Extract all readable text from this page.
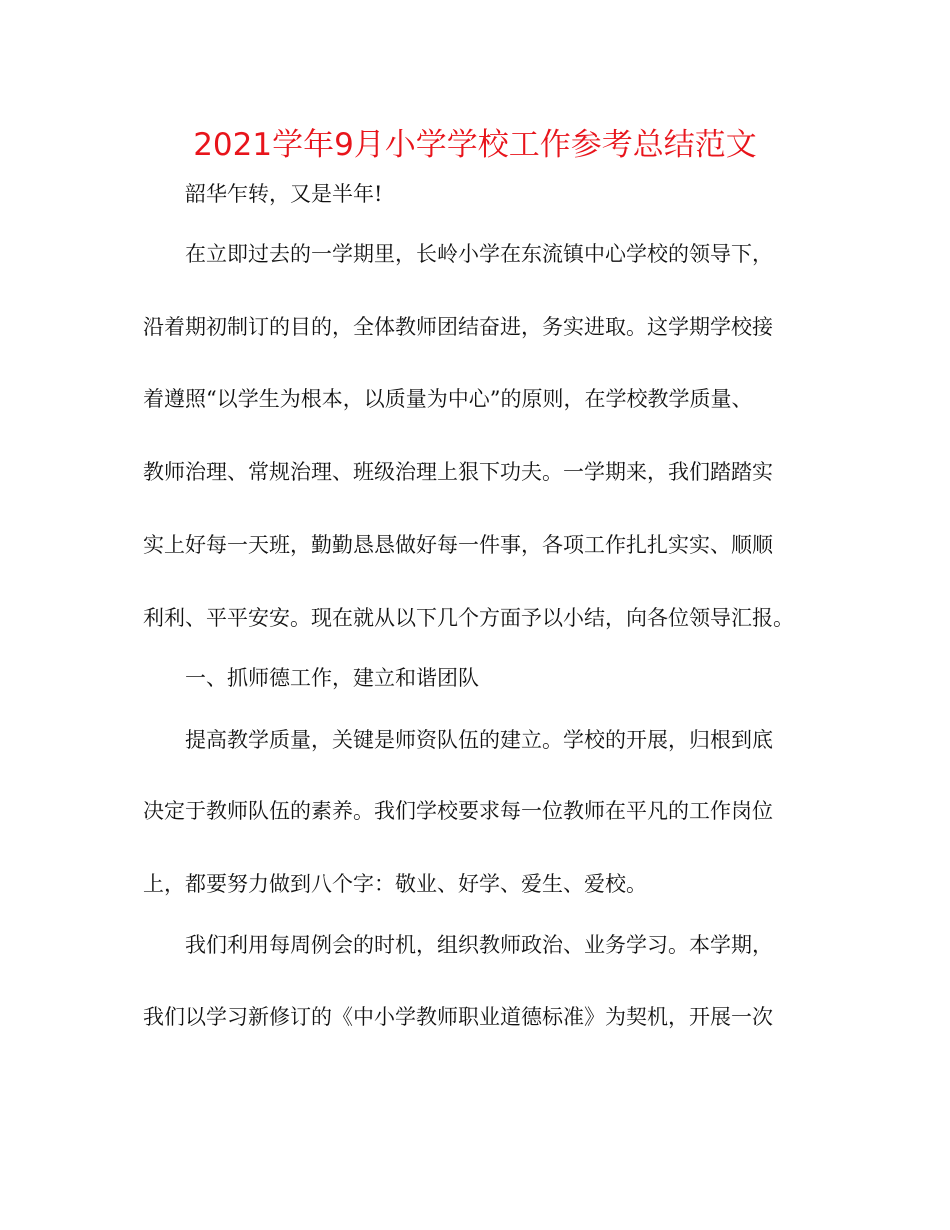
2021学年9月小学学校工作参考总结范文
韶华乍转，又是半年!
在立即过去的一学期里，长岭小学在东流镇中心学校的领导下，
沿着期初制订的目的，全体教师团结奋进，务实进取。这学期学校接
着遵照“以学生为根本，以质量为中心”的原则，在学校教学质量、
教师治理、常规治理、班级治理上狠下功夫。一学期来，我们踏踏实
实上好每一天班，勤勤恳恳做好每一件事，各项工作扎扎实实、顺顺
利利、平平安安。现在就从以下几个方面予以小结，向各位领导汇报。
一、抓师德工作，建立和谐团队
提高教学质量，关键是师资队伍的建立。学校的开展，归根到底
决定于教师队伍的素养。我们学校要求每一位教师在平凡的工作岗位
上，都要努力做到八个字：敬业、好学、爱生、爱校。
我们利用每周例会的时机，组织教师政治、业务学习。本学期，
我们以学习新修订的《中小学教师职业道德标准》为契机，开展一次
